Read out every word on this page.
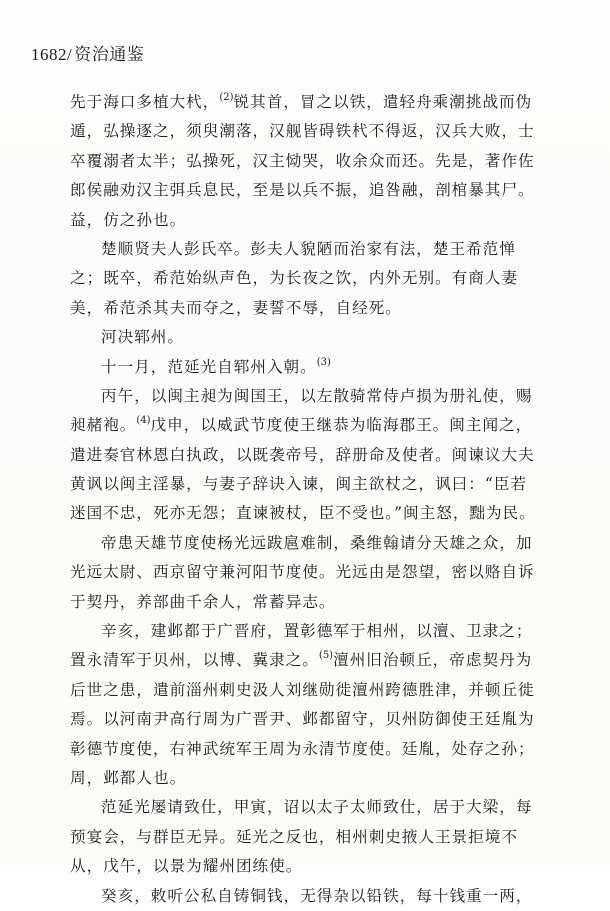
1682/ 资治通鉴
先于海口多植大杙，$^{(2)}$锐其首，冒之以铁，遣轻舟乘潮挑战而伪
遁，弘操逐之，须臾潮落，汉舰皆碍铁杙不得返，汉兵大败，士
卒覆溺者太半；弘操死，汉主恸哭，收余众而还。先是，著作佐
郎侯融劝汉主弭兵息民，至是以兵不振，追咎融，剖棺暴其尸。
益，仿之孙也。
楚顺贤夫人彭氏卒。彭夫人貌陋而治家有法，楚王希范惮
之；既卒，希范始纵声色，为长夜之饮，内外无别。有商人妻
美，希范杀其夫而夺之，妻誓不辱，自经死。
河决郓州。
十一月，范延光自郓州入朝。$^{(3)}$
丙午，以闽主昶为闽国王，以左散骑常侍卢损为册礼使，赐
昶赭袍。$^{(4)}$戊申，以威武节度使王继恭为临海郡王。闽主闻之，
遣进奏官林恩白执政，以既袭帝号，辞册命及使者。闽谏议大夫
黄讽以闽主淫暴，与妻子辞诀入谏，闽主欲杖之，讽曰：“臣若
迷国不忠，死亦无怨；直谏被杖，臣不受也。”闽主怒，黜为民。
帝患天雄节度使杨光远跋扈难制，桑维翰请分天雄之众，加
光远太尉、西京留守兼河阳节度使。光远由是怨望，密以赂自诉
于契丹，养部曲千余人，常蓄异志。
辛亥，建邺都于广晋府，置彰德军于相州，以澶、卫隶之；
置永清军于贝州，以博、冀隶之。$^{(5)}$澶州旧治顿丘，帝虑契丹为
后世之患，遣前淄州刺史汲人刘继勋徙澶州跨德胜津，并顿丘徙
焉。以河南尹高行周为广晋尹、邺都留守，贝州防御使王廷胤为
彰德节度使，右神武统军王周为永清节度使。廷胤，处存之孙；
周，邺都人也。
范延光屡请致仕，甲寅，诏以太子太师致仕，居于大梁，每
预宴会，与群臣无异。延光之反也，相州刺史掖人王景拒境不
从，戊午，以景为耀州团练使。
癸亥，敕听公私自铸铜钱，无得杂以铅铁，每十钱重一两，
